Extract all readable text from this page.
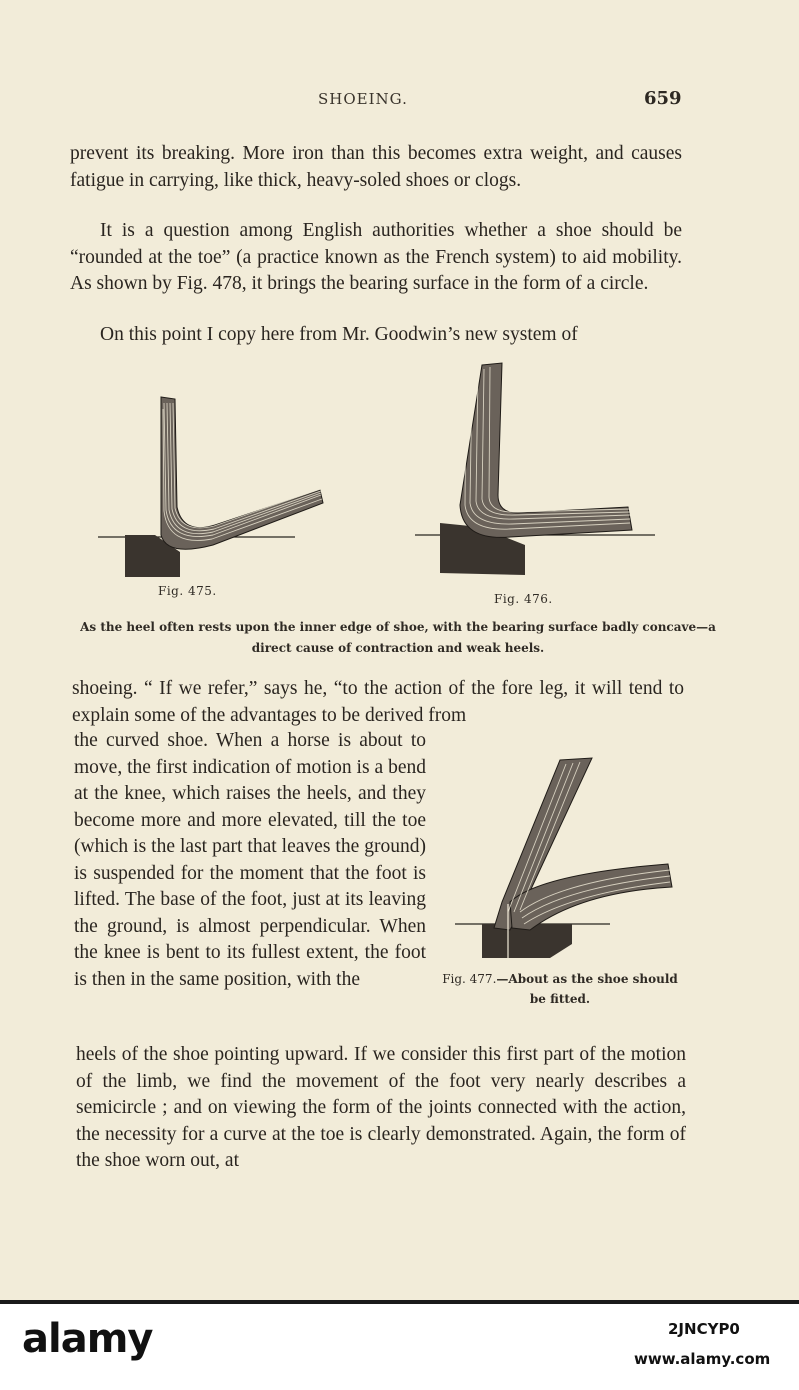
SHOEING.	659

prevent its breaking. More iron than this becomes extra weight, and causes fatigue in carrying, like thick, heavy-soled shoes or clogs.

It is a question among English authorities whether a shoe should be “rounded at the toe” (a practice known as the French system) to aid mobility. As shown by Fig. 478, it brings the bearing surface in the form of a circle.

On this point I copy here from Mr. Goodwin’s new system of

Fig. 475.
Fig. 476.
As the heel often rests upon the inner edge of shoe, with the bearing surface badly concave—a direct cause of contraction and weak heels.

shoeing. “ If we refer,” says he, “to the action of the fore leg, it will tend to explain some of the advantages to be derived from

the curved shoe. When a horse is about to move, the first indication of motion is a bend at the knee, which raises the heels, and they become more and more elevated, till the toe (which is the last part that leaves the ground) is suspended for the moment that the foot is lifted. The base of the foot, just at its leaving the ground, is almost perpendicular. When the knee is bent to its fullest extent, the foot is then in the same position, with the	Fig. 477.—About as the shoe should be fitted.

heels of the shoe pointing upward. If we consider this first part of the motion of the limb, we find the movement of the foot very nearly describes a semicircle ; and on viewing the form of the joints connected with the action, the necessity for a curve at the toe is clearly demonstrated. Again, the form of the shoe worn out, at

alamy	2JNCYP0
www.alamy.com
